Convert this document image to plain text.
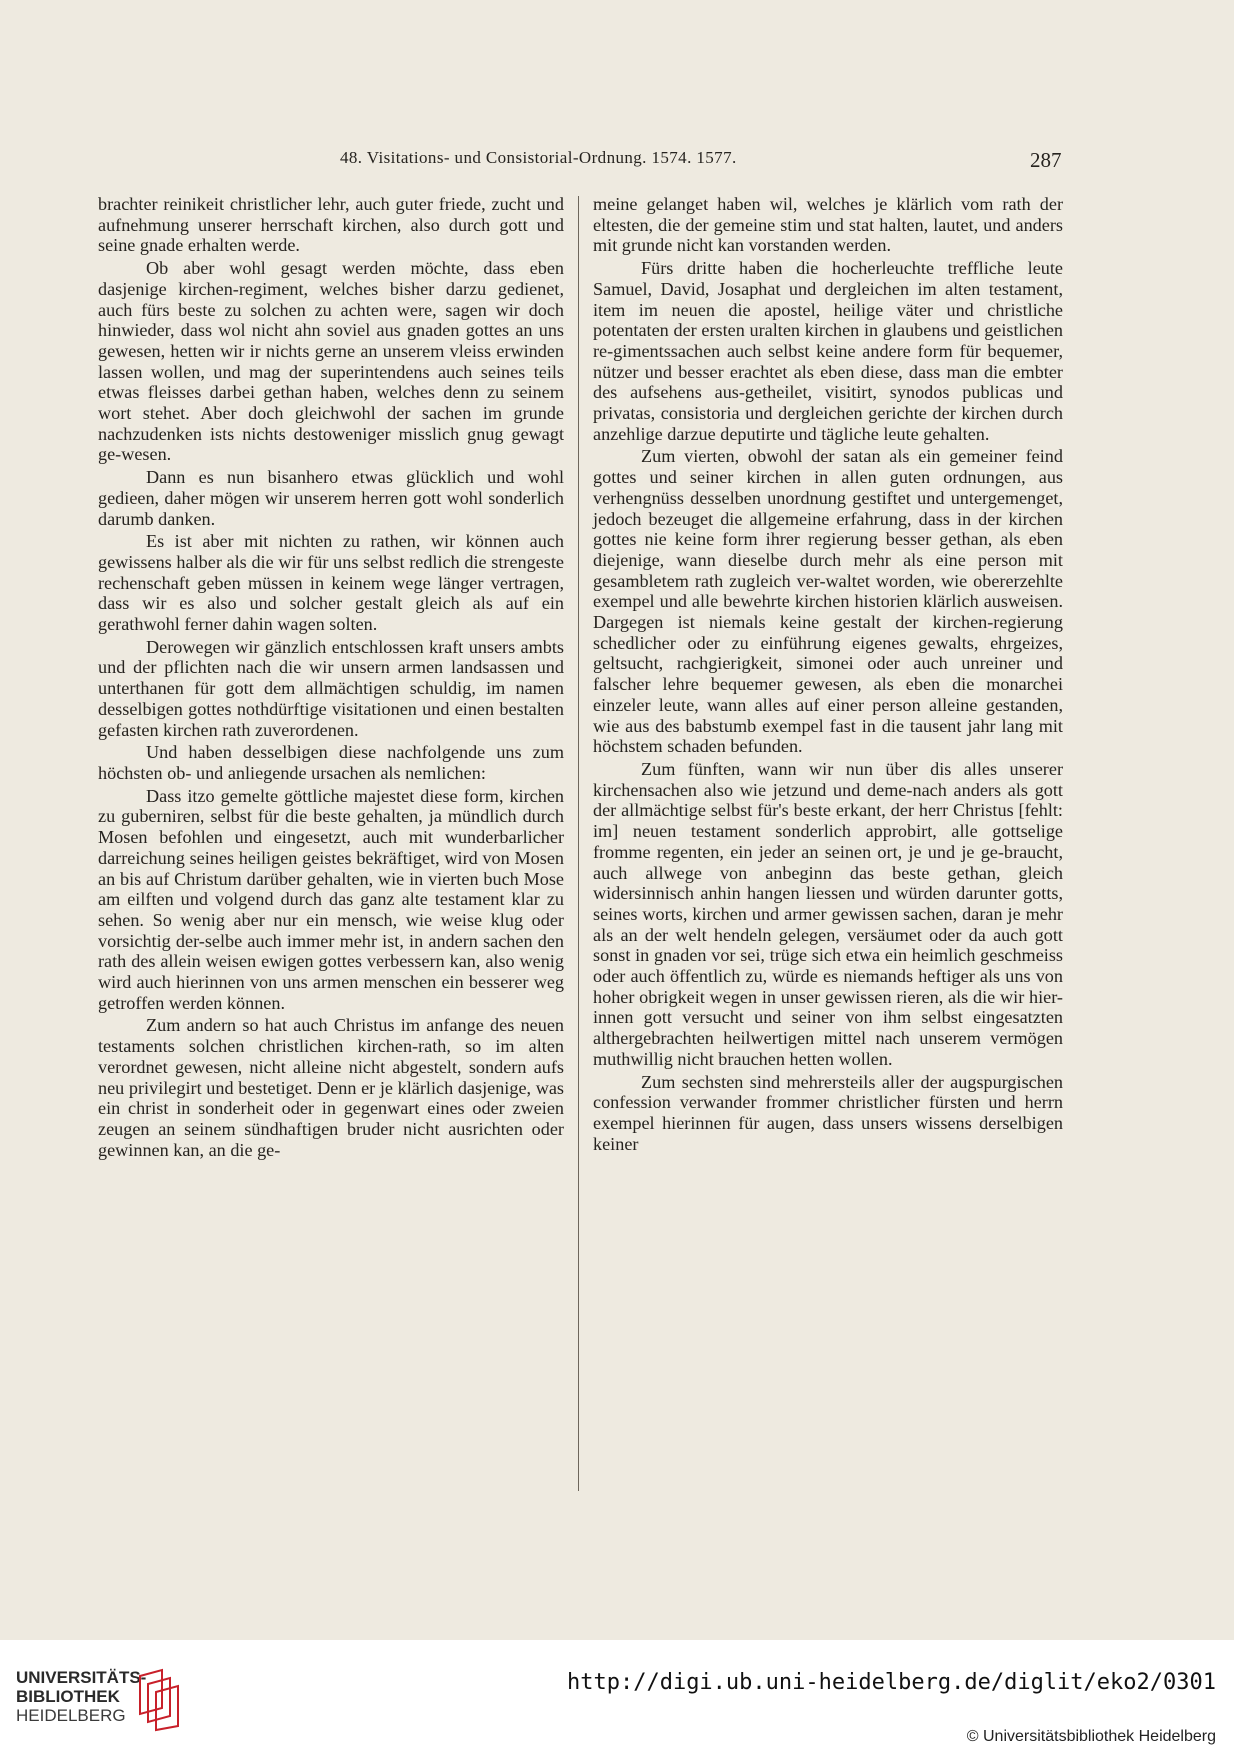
48. Visitations- und Consistorial-Ordnung. 1574. 1577.	287

brachter reinikeit christlicher lehr, auch guter friede, zucht und aufnehmung unserer herrschaft kirchen, also durch gott und seine gnade erhalten werde.

Ob aber wohl gesagt werden möchte, dass eben dasjenige kirchen-regiment, welches bisher darzu gedienet, auch fürs beste zu solchen zu achten were, sagen wir doch hinwieder, dass wol nicht ahn soviel aus gnaden gottes an uns gewesen, hetten wir ir nichts gerne an unserem vleiss erwinden lassen wollen, und mag der superintendens auch seines teils etwas fleisses darbei gethan haben, welches denn zu seinem wort stehet. Aber doch gleichwohl der sachen im grunde nachzudenken ists nichts destoweniger misslich gnug gewagt ge-wesen.

Dann es nun bisanhero etwas glücklich und wohl gedieen, daher mögen wir unserem herren gott wohl sonderlich darumb danken.

Es ist aber mit nichten zu rathen, wir können auch gewissens halber als die wir für uns selbst redlich die strengeste rechenschaft geben müssen in keinem wege länger vertragen, dass wir es also und solcher gestalt gleich als auf ein gerathwohl ferner dahin wagen solten.

Derowegen wir gänzlich entschlossen kraft unsers ambts und der pflichten nach die wir unsern armen landsassen und unterthanen für gott dem allmächtigen schuldig, im namen desselbigen gottes nothdürftige visitationen und einen bestalten gefasten kirchen rath zuverordenen.

Und haben desselbigen diese nachfolgende uns zum höchsten ob- und anliegende ursachen als nemlichen:

Dass itzo gemelte göttliche majestet diese form, kirchen zu guberniren, selbst für die beste gehalten, ja mündlich durch Mosen befohlen und eingesetzt, auch mit wunderbarlicher darreichung seines heiligen geistes bekräftiget, wird von Mosen an bis auf Christum darüber gehalten, wie in vierten buch Mose am eilften und volgend durch das ganz alte testament klar zu sehen. So wenig aber nur ein mensch, wie weise klug oder vorsichtig der-selbe auch immer mehr ist, in andern sachen den rath des allein weisen ewigen gottes verbessern kan, also wenig wird auch hierinnen von uns armen menschen ein besserer weg getroffen werden können.

Zum andern so hat auch Christus im anfange des neuen testaments solchen christlichen kirchen-rath, so im alten verordnet gewesen, nicht alleine nicht abgestelt, sondern aufs neu privilegirt und bestetiget. Denn er je klärlich dasjenige, was ein christ in sonderheit oder in gegenwart eines oder zweien zeugen an seinem sündhaftigen bruder nicht ausrichten oder gewinnen kan, an die ge-

meine gelanget haben wil, welches je klärlich vom rath der eltesten, die der gemeine stim und stat halten, lautet, und anders mit grunde nicht kan vorstanden werden.

Fürs dritte haben die hocherleuchte treffliche leute Samuel, David, Josaphat und dergleichen im alten testament, item im neuen die apostel, heilige väter und christliche potentaten der ersten uralten kirchen in glaubens und geistlichen re-gimentssachen auch selbst keine andere form für bequemer, nützer und besser erachtet als eben diese, dass man die embter des aufsehens aus-getheilet, visitirt, synodos publicas und privatas, consistoria und dergleichen gerichte der kirchen durch anzehlige darzue deputirte und tägliche leute gehalten.

Zum vierten, obwohl der satan als ein gemeiner feind gottes und seiner kirchen in allen guten ordnungen, aus verhengnüss desselben unordnung gestiftet und untergemenget, jedoch bezeuget die allgemeine erfahrung, dass in der kirchen gottes nie keine form ihrer regierung besser gethan, als eben diejenige, wann dieselbe durch mehr als eine person mit gesambletem rath zugleich ver-waltet worden, wie obererzehlte exempel und alle bewehrte kirchen historien klärlich ausweisen. Dargegen ist niemals keine gestalt der kirchen-regierung schedlicher oder zu einführung eigenes gewalts, ehrgeizes, geltsucht, rachgierigkeit, simonei oder auch unreiner und falscher lehre bequemer gewesen, als eben die monarchei einzeler leute, wann alles auf einer person alleine gestanden, wie aus des babstumb exempel fast in die tausent jahr lang mit höchstem schaden befunden.

Zum fünften, wann wir nun über dis alles unserer kirchensachen also wie jetzund und deme-nach anders als gott der allmächtige selbst für's beste erkant, der herr Christus [fehlt: im] neuen testament sonderlich approbirt, alle gottselige fromme regenten, ein jeder an seinen ort, je und je ge-braucht, auch allwege von anbeginn das beste gethan, gleich widersinnisch anhin hangen liessen und würden darunter gotts, seines worts, kirchen und armer gewissen sachen, daran je mehr als an der welt hendeln gelegen, versäumet oder da auch gott sonst in gnaden vor sei, trüge sich etwa ein heimlich geschmeiss oder auch öffentlich zu, würde es niemands heftiger als uns von hoher obrigkeit wegen in unser gewissen rieren, als die wir hier-innen gott versucht und seiner von ihm selbst eingesatzten althergebrachten heilwertigen mittel nach unserem vermögen muthwillig nicht brauchen hetten wollen.

Zum sechsten sind mehrersteils aller der augspurgischen confession verwander frommer christlicher fürsten und herrn exempel hierinnen für augen, dass unsers wissens derselbigen keiner

UNIVERSITÄTS-
BIBLIOTHEK
HEIDELBERG
http://digi.ub.uni-heidelberg.de/diglit/eko2/0301
© Universitätsbibliothek Heidelberg
